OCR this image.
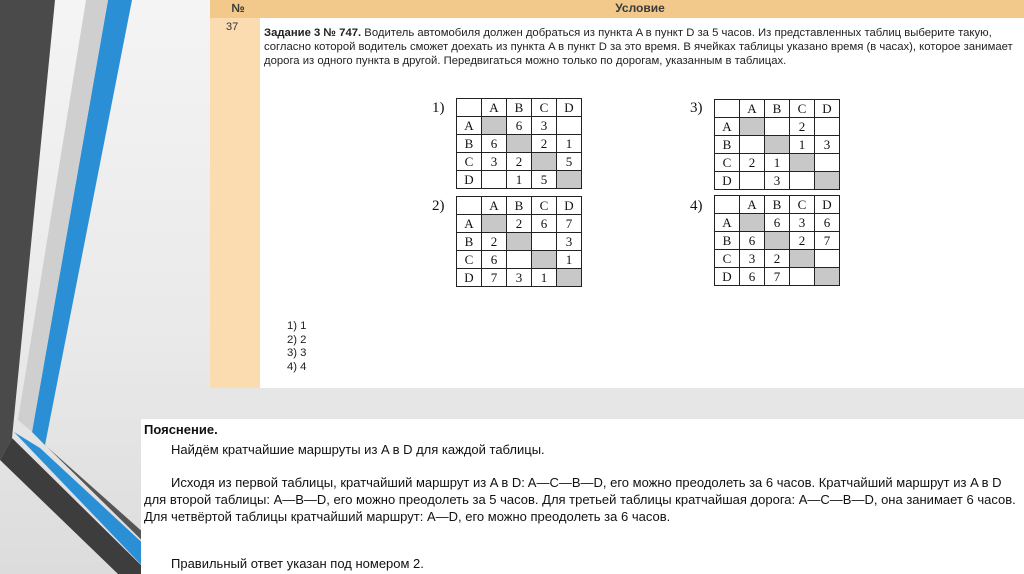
№	Условие
37 Задание 3 № 747. Водитель автомобиля должен добраться из пункта A в пункт D за 5 часов. Из представленных таблиц выберите такую, согласно которой водитель сможет доехать из пункта A в пункт D за это время. В ячейках таблицы указано время (в часах), которое занимает дорога из одного пункта в другой. Передвигаться можно только по дорогам, указанным в таблицах.
1)
		A	B	C	D
A		6	3	
B	6		2	1
C	3	2		5
D		1	5	
2)
		A	B	C	D
A		2	6	7
B	2			3
C	6			1
D	7	3	1	
3)
		A	B	C	D
A			2	
B			1	3
C	2	1		
D		3		
4)
		A	B	C	D
A		6	3	6
B	6		2	7
C	3	2		
D	6	7		
1) 1
2) 2
3) 3
4) 4
Пояснение.

Найдём кратчайшие маршруты из A в D для каждой таблицы.

Исходя из первой таблицы, кратчайший маршрут из A в D: A—C—B—D, его можно преодолеть за 6 часов. Кратчайший маршрут из A в D для второй таблицы: A—B—D, его можно преодолеть за 5 часов. Для третьей таблицы кратчайшая дорога: A—C—B—D, она занимает 6 часов. Для четвёртой таблицы кратчайший маршрут: A—D, его можно преодолеть за 6 часов.

Правильный ответ указан под номером 2.
